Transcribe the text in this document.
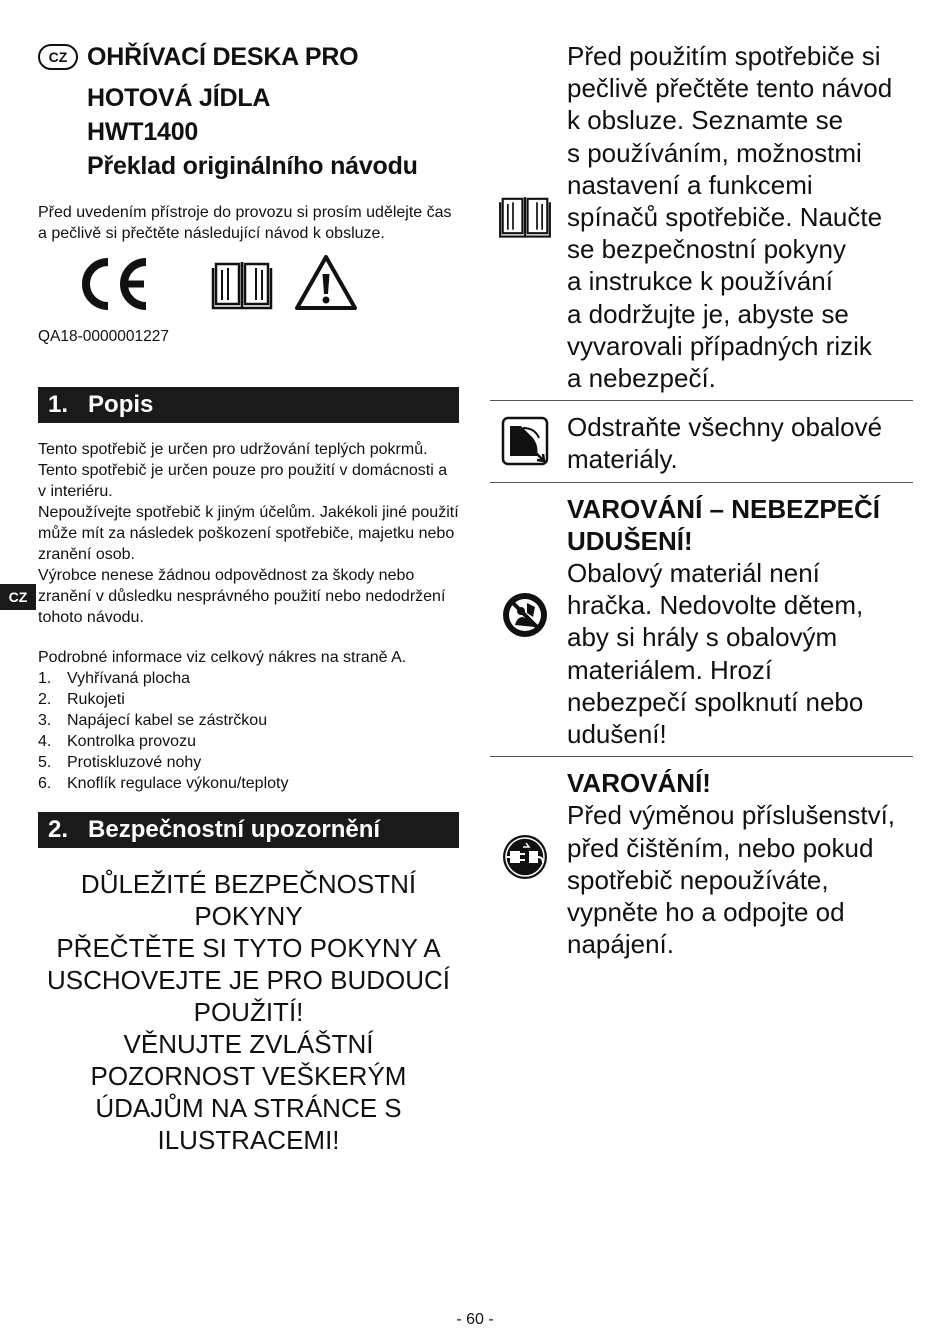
CZ OHŘÍVACÍ DESKA PRO
HOTOVÁ JÍDLA
HWT1400
Překlad originálního návodu
Před uvedením přístroje do provozu si prosím udělejte čas a pečlivě si přečtěte následující návod k obsluze.
QA18-0000001227
1.   Popis
Tento spotřebič je určen pro udržování teplých pokrmů.
Tento spotřebič je určen pouze pro použití v domácnosti a v interiéru.
Nepoužívejte spotřebič k jiným účelům. Jakékoli jiné použití může mít za následek poškození spotřebiče, majetku nebo zranění osob.
Výrobce nenese žádnou odpovědnost za škody nebo zranění v důsledku nesprávného použití nebo nedodržení tohoto návodu.
Podrobné informace viz celkový nákres na straně A.
1. Vyhřívaná plocha
2. Rukojeti
3. Napájecí kabel se zástrčkou
4. Kontrolka provozu
5. Protiskluzové nohy
6. Knoflík regulace výkonu/teploty
2.   Bezpečnostní upozornění
DŮLEŽITÉ BEZPEČNOSTNÍ
POKYNY
PŘEČTĚTE SI TYTO POKYNY A
USCHOVEJTE JE PRO BUDOUCÍ
POUŽITÍ!
VĚNUJTE ZVLÁŠTNÍ
POZORNOST VEŠKERÝM
ÚDAJŮM NA STRÁNCE S
ILUSTRACEMI!
CZ
Před použitím spotřebiče si
pečlivě přečtěte tento návod
k obsluze. Seznamte se
s používáním, možnostmi
nastavení a funkcemi
spínačů spotřebiče. Naučte
se bezpečnostní pokyny
a instrukce k používání
a dodržujte je, abyste se
vyvarovali případných rizik
a nebezpečí.
Odstraňte všechny obalové
materiály.
VAROVÁNÍ – NEBEZPEČÍ
UDUŠENÍ!
Obalový materiál není
hračka. Nedovolte dětem,
aby si hrály s obalovým
materiálem. Hrozí
nebezpečí spolknutí nebo
udušení!
VAROVÁNÍ!
Před výměnou příslušenství,
před čištěním, nebo pokud
spotřebič nepoužíváte,
vypněte ho a odpojte od
napájení.
- 60 -
